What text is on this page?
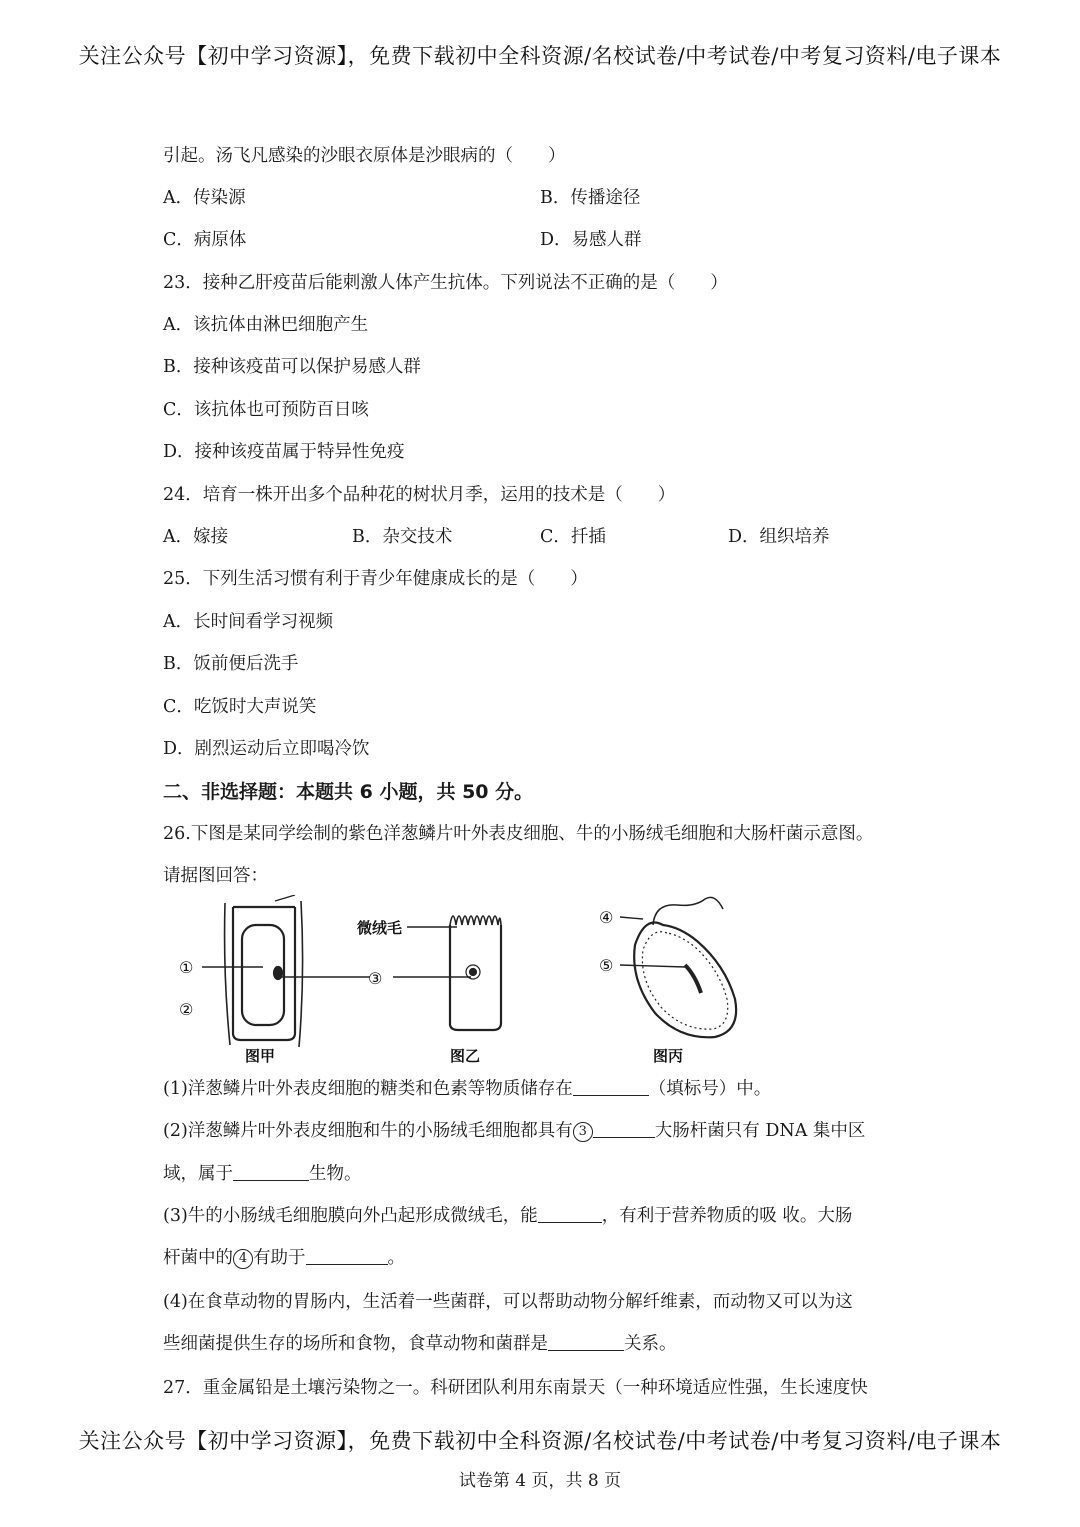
关注公众号【初中学习资源】，免费下载初中全科资源/名校试卷/中考试卷/中考复习资料/电子课本
引起。汤飞凡感染的沙眼衣原体是沙眼病的（　　）
A．传染源	B．传播途径
C．病原体	D．易感人群
23．接种乙肝疫苗后能刺激人体产生抗体。下列说法不正确的是（　　）
A．该抗体由淋巴细胞产生
B．接种该疫苗可以保护易感人群
C．该抗体也可预防百日咳
D．接种该疫苗属于特异性免疫
24．培育一株开出多个品种花的树状月季，运用的技术是（　　）
A．嫁接	B．杂交技术	C．扦插	D．组织培养
25．下列生活习惯有利于青少年健康成长的是（　　）
A．长时间看学习视频
B．饭前便后洗手
C．吃饭时大声说笑
D．剧烈运动后立即喝冷饮
二、非选择题：本题共 6 小题，共 50 分。
26.下图是某同学绘制的紫色洋葱鳞片叶外表皮细胞、牛的小肠绒毛细胞和大肠杆菌示意图。
请据图回答：
①
②
③
④
⑤
微绒毛
图甲	图乙	图丙
(1)洋葱鳞片叶外表皮细胞的糖类和色素等物质储存在	（填标号）中。
(2)洋葱鳞片叶外表皮细胞和牛的小肠绒毛细胞都具有 3	大肠杆菌只有 DNA 集中区
域，属于	生物。
(3)牛的小肠绒毛细胞膜向外凸起形成微绒毛，能	，有利于营养物质的吸 收。大肠
杆菌中的 4 有助于	。
(4)在食草动物的胃肠内，生活着一些菌群，可以帮助动物分解纤维素，而动物又可以为这
些细菌提供生存的场所和食物，食草动物和菌群是	关系。
27．重金属铅是土壤污染物之一。科研团队利用东南景天（一种环境适应性强，生长速度快
关注公众号【初中学习资源】，免费下载初中全科资源/名校试卷/中考试卷/中考复习资料/电子课本
试卷第 4 页，共 8 页
